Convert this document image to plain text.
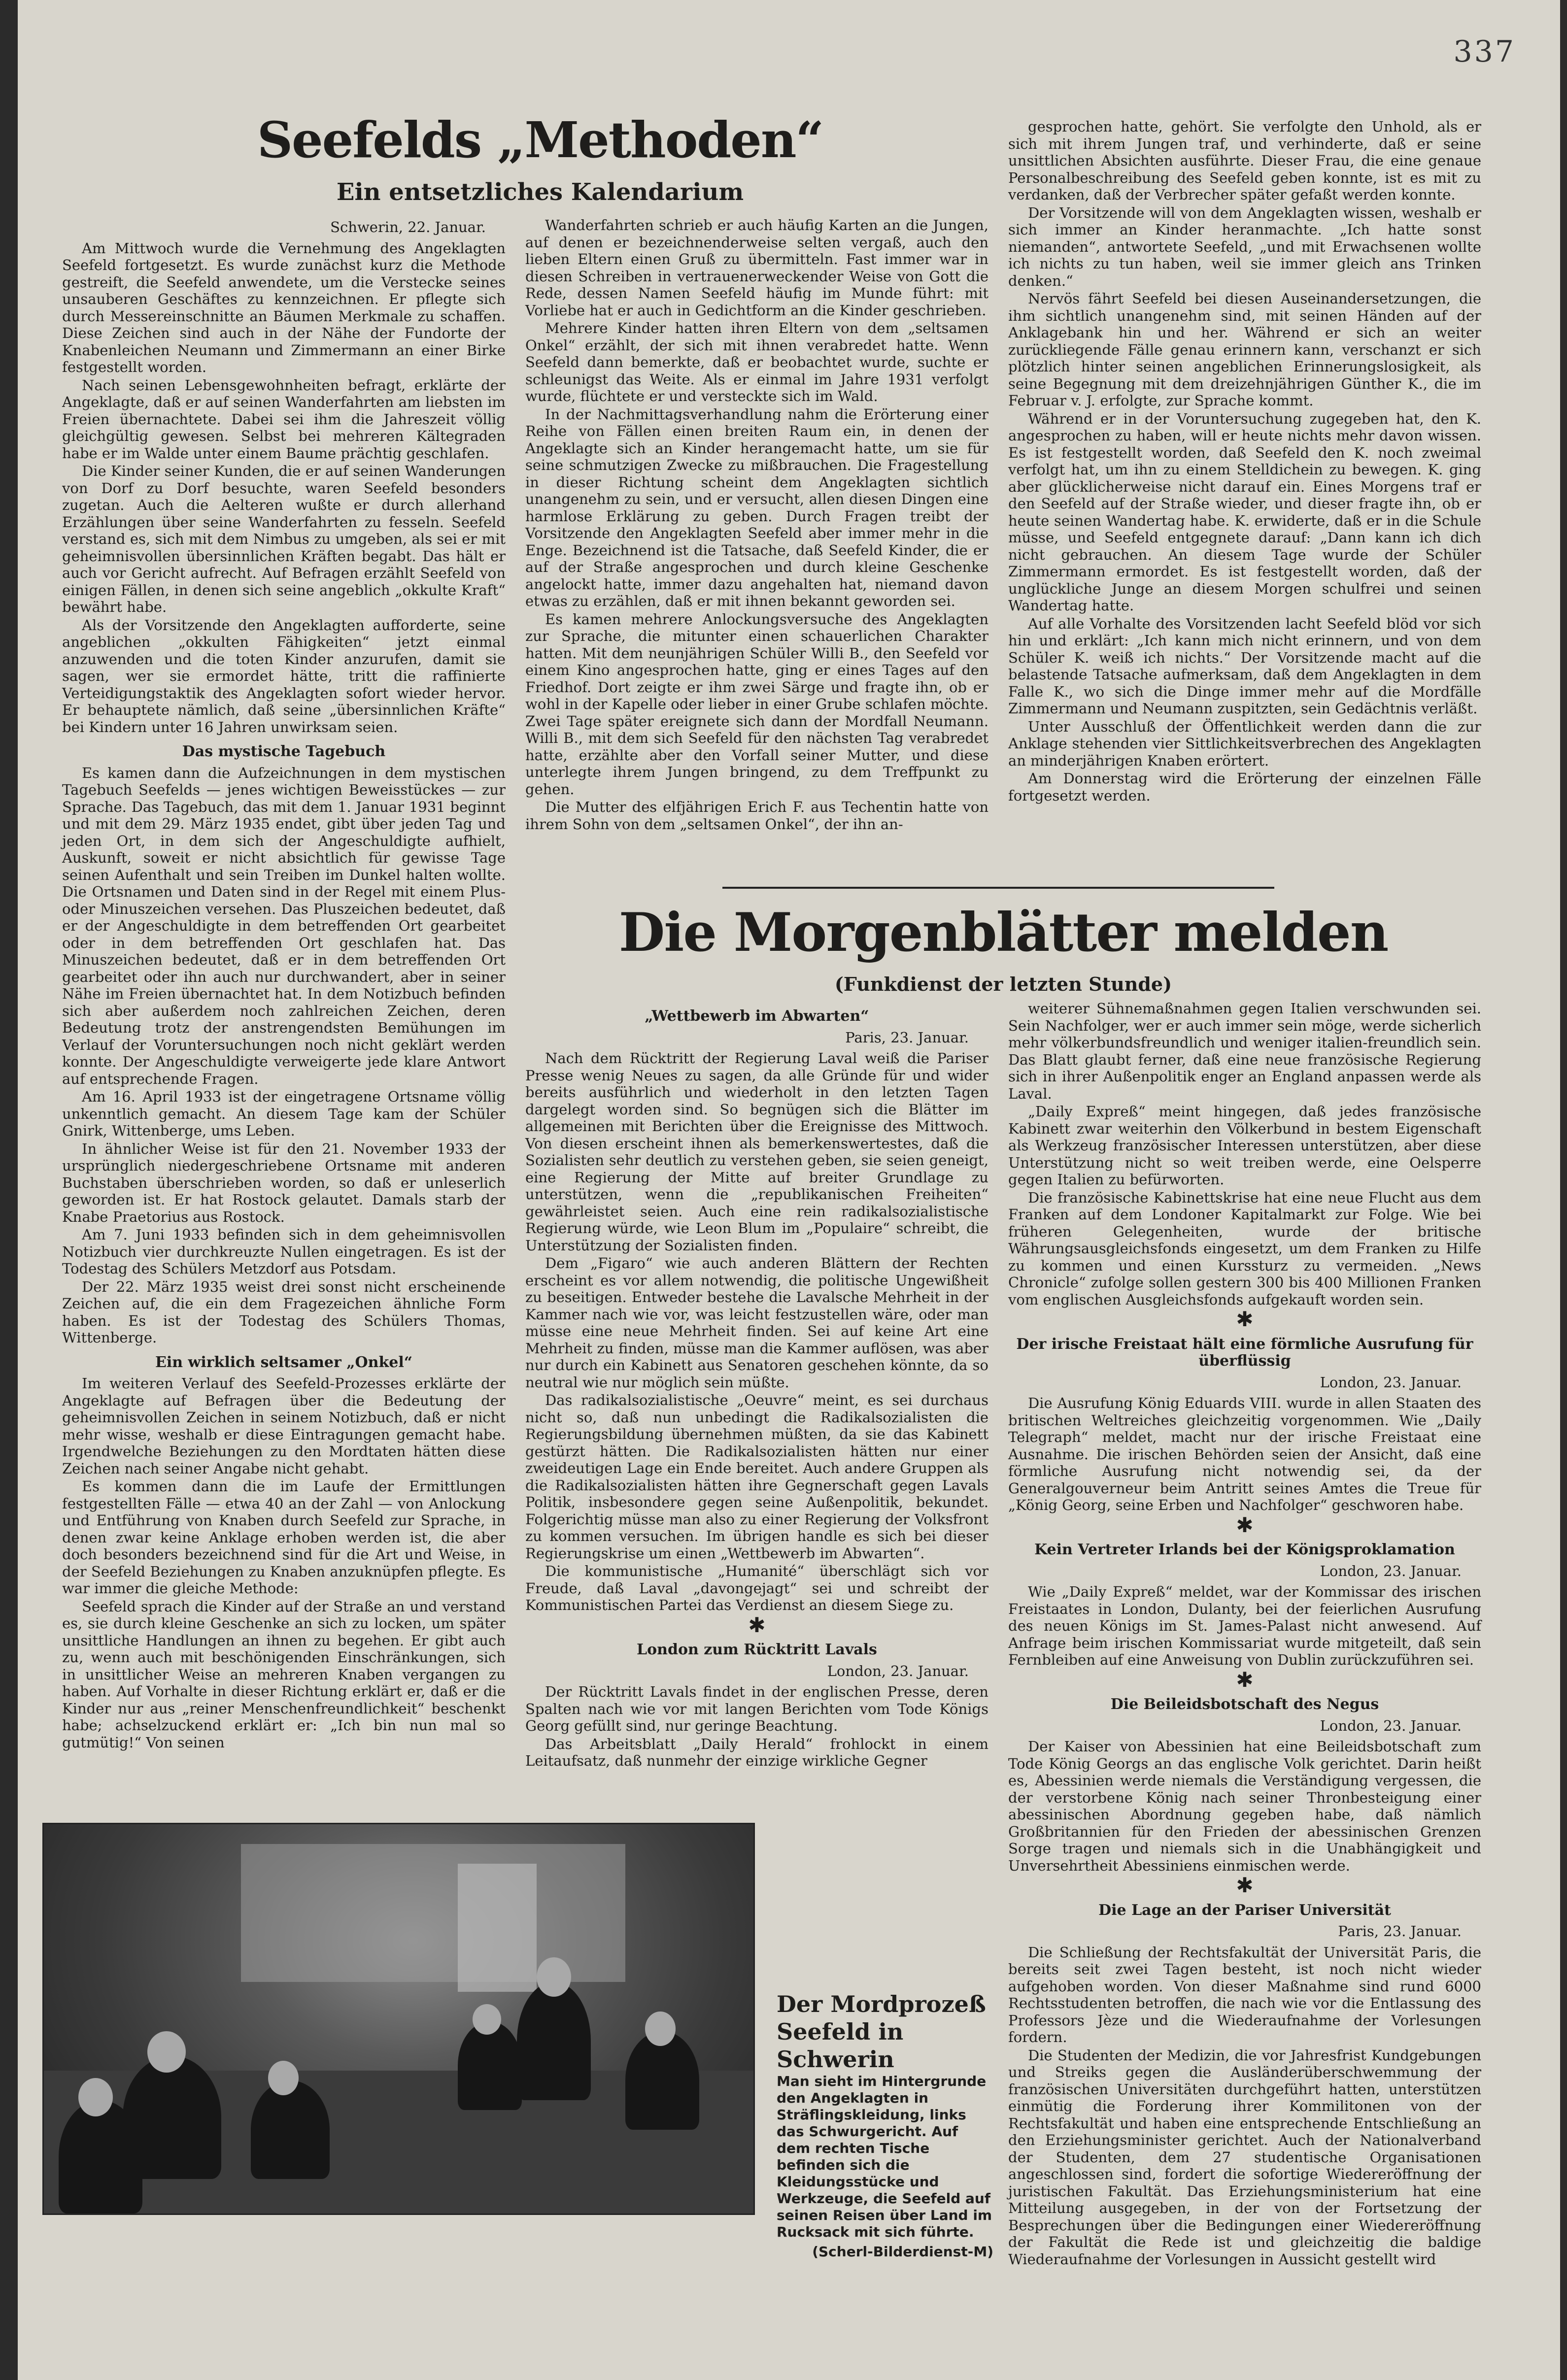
337
Seefelds „Methoden“
Ein entsetzliches Kalendarium

Schwerin, 22. Januar.

Am Mittwoch wurde die Vernehmung des Angeklagten Seefeld fortgesetzt. Es wurde zunächst kurz die Methode gestreift, die Seefeld anwendete, um die Verstecke seines unsauberen Geschäftes zu kennzeichnen. Er pflegte sich durch Messereinschnitte an Bäumen Merkmale zu schaffen. Diese Zeichen sind auch in der Nähe der Fundorte der Knabenleichen Neumann und Zimmermann an einer Birke festgestellt worden.

Nach seinen Lebensgewohnheiten befragt, erklärte der Angeklagte, daß er auf seinen Wanderfahrten am liebsten im Freien übernachtete. Dabei sei ihm die Jahreszeit völlig gleichgültig gewesen. Selbst bei mehreren Kältegraden habe er im Walde unter einem Baume prächtig geschlafen.

Die Kinder seiner Kunden, die er auf seinen Wanderungen von Dorf zu Dorf besuchte, waren Seefeld besonders zugetan. Auch die Aelteren wußte er durch allerhand Erzählungen über seine Wanderfahrten zu fesseln. Seefeld verstand es, sich mit dem Nimbus zu umgeben, als sei er mit geheimnisvollen übersinnlichen Kräften begabt. Das hält er auch vor Gericht aufrecht. Auf Befragen erzählt Seefeld von einigen Fällen, in denen sich seine angeblich „okkulte Kraft“ bewährt habe.

Als der Vorsitzende den Angeklagten aufforderte, seine angeblichen „okkulten Fähigkeiten“ jetzt einmal anzuwenden und die toten Kinder anzurufen, damit sie sagen, wer sie ermordet hätte, tritt die raffinierte Verteidigungstaktik des Angeklagten sofort wieder hervor. Er behauptete nämlich, daß seine „übersinnlichen Kräfte“ bei Kindern unter 16 Jahren unwirksam seien.

Das mystische Tagebuch

Es kamen dann die Aufzeichnungen in dem mystischen Tagebuch Seefelds — jenes wichtigen Beweisstückes — zur Sprache. Das Tagebuch, das mit dem 1. Januar 1931 beginnt und mit dem 29. März 1935 endet, gibt über jeden Tag und jeden Ort, in dem sich der Angeschuldigte aufhielt, Auskunft, soweit er nicht absichtlich für gewisse Tage seinen Aufenthalt und sein Treiben im Dunkel halten wollte. Die Ortsnamen und Daten sind in der Regel mit einem Plus- oder Minuszeichen versehen. Das Pluszeichen bedeutet, daß er der Angeschuldigte in dem betreffenden Ort gearbeitet oder in dem betreffenden Ort geschlafen hat. Das Minuszeichen bedeutet, daß er in dem betreffenden Ort gearbeitet oder ihn auch nur durchwandert, aber in seiner Nähe im Freien übernachtet hat. In dem Notizbuch befinden sich aber außerdem noch zahlreichen Zeichen, deren Bedeutung trotz der anstrengendsten Bemühungen im Verlauf der Voruntersuchungen noch nicht geklärt werden konnte. Der Angeschuldigte verweigerte jede klare Antwort auf entsprechende Fragen.

Am 16. April 1933 ist der eingetragene Ortsname völlig unkenntlich gemacht. An diesem Tage kam der Schüler Gnirk, Wittenberge, ums Leben.

In ähnlicher Weise ist für den 21. November 1933 der ursprünglich niedergeschriebene Ortsname mit anderen Buchstaben überschrieben worden, so daß er unleserlich geworden ist. Er hat Rostock gelautet. Damals starb der Knabe Praetorius aus Rostock.

Am 7. Juni 1933 befinden sich in dem geheimnisvollen Notizbuch vier durchkreuzte Nullen eingetragen. Es ist der Todestag des Schülers Metzdorf aus Potsdam.

Der 22. März 1935 weist drei sonst nicht erscheinende Zeichen auf, die ein dem Fragezeichen ähnliche Form haben. Es ist der Todestag des Schülers Thomas, Wittenberge.

Ein wirklich seltsamer „Onkel“

Im weiteren Verlauf des Seefeld-Prozesses erklärte der Angeklagte auf Befragen über die Bedeutung der geheimnisvollen Zeichen in seinem Notizbuch, daß er nicht mehr wisse, weshalb er diese Eintragungen gemacht habe. Irgendwelche Beziehungen zu den Mordtaten hätten diese Zeichen nach seiner Angabe nicht gehabt.

Es kommen dann die im Laufe der Ermittlungen festgestellten Fälle — etwa 40 an der Zahl — von Anlockung und Entführung von Knaben durch Seefeld zur Sprache, in denen zwar keine Anklage erhoben werden ist, die aber doch besonders bezeichnend sind für die Art und Weise, in der Seefeld Beziehungen zu Knaben anzuknüpfen pflegte. Es war immer die gleiche Methode:

Seefeld sprach die Kinder auf der Straße an und verstand es, sie durch kleine Geschenke an sich zu locken, um später unsittliche Handlungen an ihnen zu begehen. Er gibt auch zu, wenn auch mit beschönigenden Einschränkungen, sich in unsittlicher Weise an mehreren Knaben vergangen zu haben. Auf Vorhalte in dieser Richtung erklärt er, daß er die Kinder nur aus „reiner Menschenfreundlichkeit“ beschenkt habe; achselzuckend erklärt er: „Ich bin nun mal so gutmütig!“ Von seinen

Wanderfahrten schrieb er auch häufig Karten an die Jungen, auf denen er bezeichnenderweise selten vergaß, auch den lieben Eltern einen Gruß zu übermitteln. Fast immer war in diesen Schreiben in vertrauenerweckender Weise von Gott die Rede, dessen Namen Seefeld häufig im Munde führt: mit Vorliebe hat er auch in Gedichtform an die Kinder geschrieben.

Mehrere Kinder hatten ihren Eltern von dem „seltsamen Onkel“ erzählt, der sich mit ihnen verabredet hatte. Wenn Seefeld dann bemerkte, daß er beobachtet wurde, suchte er schleunigst das Weite. Als er einmal im Jahre 1931 verfolgt wurde, flüchtete er und versteckte sich im Wald.

In der Nachmittagsverhandlung nahm die Erörterung einer Reihe von Fällen einen breiten Raum ein, in denen der Angeklagte sich an Kinder herangemacht hatte, um sie für seine schmutzigen Zwecke zu mißbrauchen. Die Fragestellung in dieser Richtung scheint dem Angeklagten sichtlich unangenehm zu sein, und er versucht, allen diesen Dingen eine harmlose Erklärung zu geben. Durch Fragen treibt der Vorsitzende den Angeklagten Seefeld aber immer mehr in die Enge. Bezeichnend ist die Tatsache, daß Seefeld Kinder, die er auf der Straße angesprochen und durch kleine Geschenke angelockt hatte, immer dazu angehalten hat, niemand davon etwas zu erzählen, daß er mit ihnen bekannt geworden sei.

Es kamen mehrere Anlockungsversuche des Angeklagten zur Sprache, die mitunter einen schauerlichen Charakter hatten. Mit dem neunjährigen Schüler Willi B., den Seefeld vor einem Kino angesprochen hatte, ging er eines Tages auf den Friedhof. Dort zeigte er ihm zwei Särge und fragte ihn, ob er wohl in der Kapelle oder lieber in einer Grube schlafen möchte. Zwei Tage später ereignete sich dann der Mordfall Neumann. Willi B., mit dem sich Seefeld für den nächsten Tag verabredet hatte, erzählte aber den Vorfall seiner Mutter, und diese unterlegte ihrem Jungen bringend, zu dem Treffpunkt zu gehen.

Die Mutter des elfjährigen Erich F. aus Techentin hatte von ihrem Sohn von dem „seltsamen Onkel“, der ihn an-

gesprochen hatte, gehört. Sie verfolgte den Unhold, als er sich mit ihrem Jungen traf, und verhinderte, daß er seine unsittlichen Absichten ausführte. Dieser Frau, die eine genaue Personalbeschreibung des Seefeld geben konnte, ist es mit zu verdanken, daß der Verbrecher später gefaßt werden konnte.

Der Vorsitzende will von dem Angeklagten wissen, weshalb er sich immer an Kinder heranmachte. „Ich hatte sonst niemanden“, antwortete Seefeld, „und mit Erwachsenen wollte ich nichts zu tun haben, weil sie immer gleich ans Trinken denken.“

Nervös fährt Seefeld bei diesen Auseinandersetzungen, die ihm sichtlich unangenehm sind, mit seinen Händen auf der Anklagebank hin und her. Während er sich an weiter zurückliegende Fälle genau erinnern kann, verschanzt er sich plötzlich hinter seinen angeblichen Erinnerungslosigkeit, als seine Begegnung mit dem dreizehnjährigen Günther K., die im Februar v. J. erfolgte, zur Sprache kommt.

Während er in der Voruntersuchung zugegeben hat, den K. angesprochen zu haben, will er heute nichts mehr davon wissen. Es ist festgestellt worden, daß Seefeld den K. noch zweimal verfolgt hat, um ihn zu einem Stelldichein zu bewegen. K. ging aber glücklicherweise nicht darauf ein. Eines Morgens traf er den Seefeld auf der Straße wieder, und dieser fragte ihn, ob er heute seinen Wandertag habe. K. erwiderte, daß er in die Schule müsse, und Seefeld entgegnete darauf: „Dann kann ich dich nicht gebrauchen. An diesem Tage wurde der Schüler Zimmermann ermordet. Es ist festgestellt worden, daß der unglückliche Junge an diesem Morgen schulfrei und seinen Wandertag hatte.

Auf alle Vorhalte des Vorsitzenden lacht Seefeld blöd vor sich hin und erklärt: „Ich kann mich nicht erinnern, und von dem Schüler K. weiß ich nichts.“ Der Vorsitzende macht auf die belastende Tatsache aufmerksam, daß dem Angeklagten in dem Falle K., wo sich die Dinge immer mehr auf die Mordfälle Zimmermann und Neumann zuspitzten, sein Gedächtnis verläßt.

Unter Ausschluß der Öffentlichkeit werden dann die zur Anklage stehenden vier Sittlichkeitsverbrechen des Angeklagten an minderjährigen Knaben erörtert.

Am Donnerstag wird die Erörterung der einzelnen Fälle fortgesetzt werden.

Die Morgenblätter melden
(Funkdienst der letzten Stunde)

„Wettbewerb im Abwarten“

Paris, 23. Januar.

Nach dem Rücktritt der Regierung Laval weiß die Pariser Presse wenig Neues zu sagen, da alle Gründe für und wider bereits ausführlich und wiederholt in den letzten Tagen dargelegt worden sind. So begnügen sich die Blätter im allgemeinen mit Berichten über die Ereignisse des Mittwoch. Von diesen erscheint ihnen als bemerkenswertestes, daß die Sozialisten sehr deutlich zu verstehen geben, sie seien geneigt, eine Regierung der Mitte auf breiter Grundlage zu unterstützen, wenn die „republikanischen Freiheiten“ gewährleistet seien. Auch eine rein radikalsozialistische Regierung würde, wie Leon Blum im „Populaire“ schreibt, die Unterstützung der Sozialisten finden.

Dem „Figaro“ wie auch anderen Blättern der Rechten erscheint es vor allem notwendig, die politische Ungewißheit zu beseitigen. Entweder bestehe die Lavalsche Mehrheit in der Kammer nach wie vor, was leicht festzustellen wäre, oder man müsse eine neue Mehrheit finden. Sei auf keine Art eine Mehrheit zu finden, müsse man die Kammer auflösen, was aber nur durch ein Kabinett aus Senatoren geschehen könnte, da so neutral wie nur möglich sein müßte.

Das radikalsozialistische „Oeuvre“ meint, es sei durchaus nicht so, daß nun unbedingt die Radikalsozialisten die Regierungsbildung übernehmen müßten, da sie das Kabinett gestürzt hätten. Die Radikalsozialisten hätten nur einer zweideutigen Lage ein Ende bereitet. Auch andere Gruppen als die Radikalsozialisten hätten ihre Gegnerschaft gegen Lavals Politik, insbesondere gegen seine Außenpolitik, bekundet. Folgerichtig müsse man also zu einer Regierung der Volksfront zu kommen versuchen. Im übrigen handle es sich bei dieser Regierungskrise um einen „Wettbewerb im Abwarten“.

Die kommunistische „Humanité“ überschlägt sich vor Freude, daß Laval „davongejagt“ sei und schreibt der Kommunistischen Partei das Verdienst an diesem Siege zu.

✱

London zum Rücktritt Lavals

London, 23. Januar.

Der Rücktritt Lavals findet in der englischen Presse, deren Spalten nach wie vor mit langen Berichten vom Tode Königs Georg gefüllt sind, nur geringe Beachtung.

Das Arbeitsblatt „Daily Herald“ frohlockt in einem Leitaufsatz, daß nunmehr der einzige wirkliche Gegner

weiterer Sühnemaßnahmen gegen Italien verschwunden sei. Sein Nachfolger, wer er auch immer sein möge, werde sicherlich mehr völkerbundsfreundlich und weniger italien-freundlich sein. Das Blatt glaubt ferner, daß eine neue französische Regierung sich in ihrer Außenpolitik enger an England anpassen werde als Laval.

„Daily Expreß“ meint hingegen, daß jedes französische Kabinett zwar weiterhin den Völkerbund in bestem Eigenschaft als Werkzeug französischer Interessen unterstützen, aber diese Unterstützung nicht so weit treiben werde, eine Oelsperre gegen Italien zu befürworten.

Die französische Kabinettskrise hat eine neue Flucht aus dem Franken auf dem Londoner Kapitalmarkt zur Folge. Wie bei früheren Gelegenheiten, wurde der britische Währungsausgleichsfonds eingesetzt, um dem Franken zu Hilfe zu kommen und einen Kurssturz zu vermeiden. „News Chronicle“ zufolge sollen gestern 300 bis 400 Millionen Franken vom englischen Ausgleichsfonds aufgekauft worden sein.

✱

Der irische Freistaat hält eine förmliche Ausrufung für überflüssig

London, 23. Januar.

Die Ausrufung König Eduards VIII. wurde in allen Staaten des britischen Weltreiches gleichzeitig vorgenommen. Wie „Daily Telegraph“ meldet, macht nur der irische Freistaat eine Ausnahme. Die irischen Behörden seien der Ansicht, daß eine förmliche Ausrufung nicht notwendig sei, da der Generalgouverneur beim Antritt seines Amtes die Treue für „König Georg, seine Erben und Nachfolger“ geschworen habe.

✱

Kein Vertreter Irlands bei der Königsproklamation

London, 23. Januar.

Wie „Daily Expreß“ meldet, war der Kommissar des irischen Freistaates in London, Dulanty, bei der feierlichen Ausrufung des neuen Königs im St. James-Palast nicht anwesend. Auf Anfrage beim irischen Kommissariat wurde mitgeteilt, daß sein Fernbleiben auf eine Anweisung von Dublin zurückzuführen sei.

✱

Die Beileidsbotschaft des Negus

London, 23. Januar.

Der Kaiser von Abessinien hat eine Beileidsbotschaft zum Tode König Georgs an das englische Volk gerichtet. Darin heißt es, Abessinien werde niemals die Verständigung vergessen, die der verstorbene König nach seiner Thronbesteigung einer abessinischen Abordnung gegeben habe, daß nämlich Großbritannien für den Frieden der abessinischen Grenzen Sorge tragen und niemals sich in die Unabhängigkeit und Unversehrtheit Abessiniens einmischen werde.

✱

Die Lage an der Pariser Universität

Paris, 23. Januar.

Die Schließung der Rechtsfakultät der Universität Paris, die bereits seit zwei Tagen besteht, ist noch nicht wieder aufgehoben worden. Von dieser Maßnahme sind rund 6000 Rechtsstudenten betroffen, die nach wie vor die Entlassung des Professors Jèze und die Wiederaufnahme der Vorlesungen fordern.

Die Studenten der Medizin, die vor Jahresfrist Kundgebungen und Streiks gegen die Ausländerüberschwemmung der französischen Universitäten durchgeführt hatten, unterstützen einmütig die Forderung ihrer Kommilitonen von der Rechtsfakultät und haben eine entsprechende Entschließung an den Erziehungsminister gerichtet. Auch der Nationalverband der Studenten, dem 27 studentische Organisationen angeschlossen sind, fordert die sofortige Wiedereröffnung der juristischen Fakultät. Das Erziehungsministerium hat eine Mitteilung ausgegeben, in der von der Fortsetzung der Besprechungen über die Bedingungen einer Wiedereröffnung der Fakultät die Rede ist und gleichzeitig die baldige Wiederaufnahme der Vorlesungen in Aussicht gestellt wird

Der Mordprozeß Seefeld in Schwerin
Man sieht im Hintergrunde den Angeklagten in Sträflingskleidung, links das Schwurgericht. Auf dem rechten Tische befinden sich die Kleidungsstücke und Werkzeuge, die Seefeld auf seinen Reisen über Land im Rucksack mit sich führte.
(Scherl-Bilderdienst-M)
